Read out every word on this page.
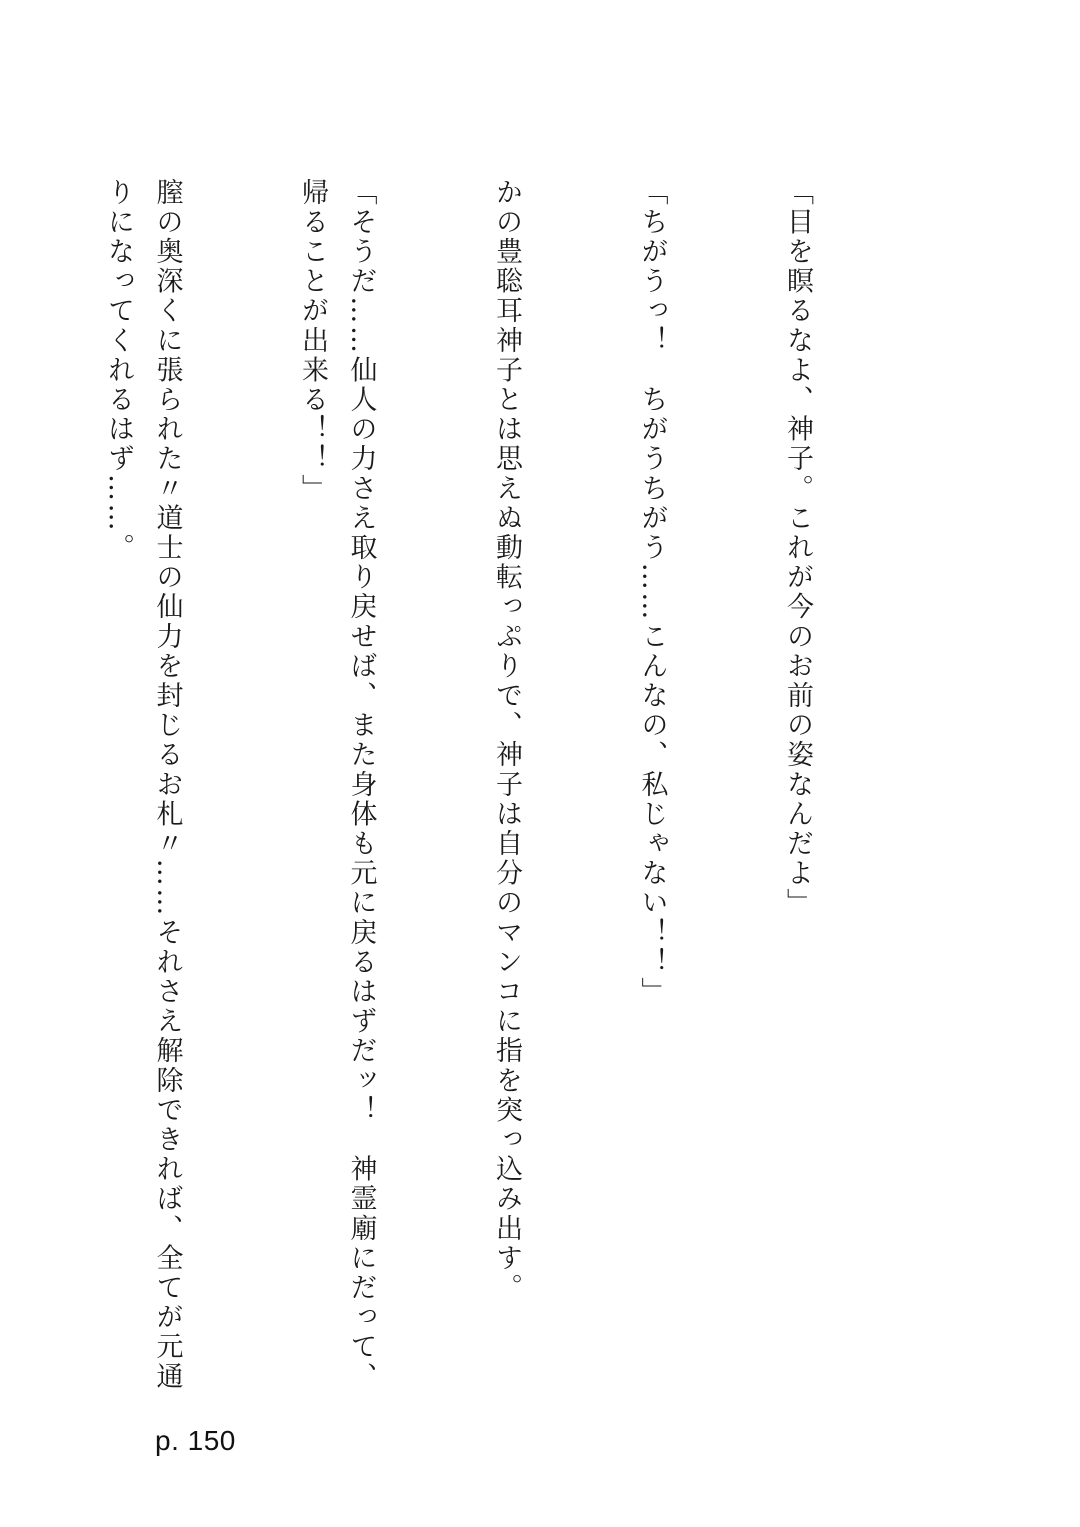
「目を瞑るなよ、神子。これが今のお前の姿なんだよ」

「ちがうっ！　ちがうちがう……こんなの、私じゃない！！」

かの豊聡耳神子とは思えぬ動転っぷりで、神子は自分のマンコに指を突っ込み出す。

「そうだ……仙人の力さえ取り戻せば、また身体も元に戻るはずだッ！　神霊廟にだって、帰ることが出来る！！」

膣の奥深くに張られた〃道士の仙力を封じるお札〃……それさえ解除できれば、全てが元通りになってくれるはず……。

p. 150
